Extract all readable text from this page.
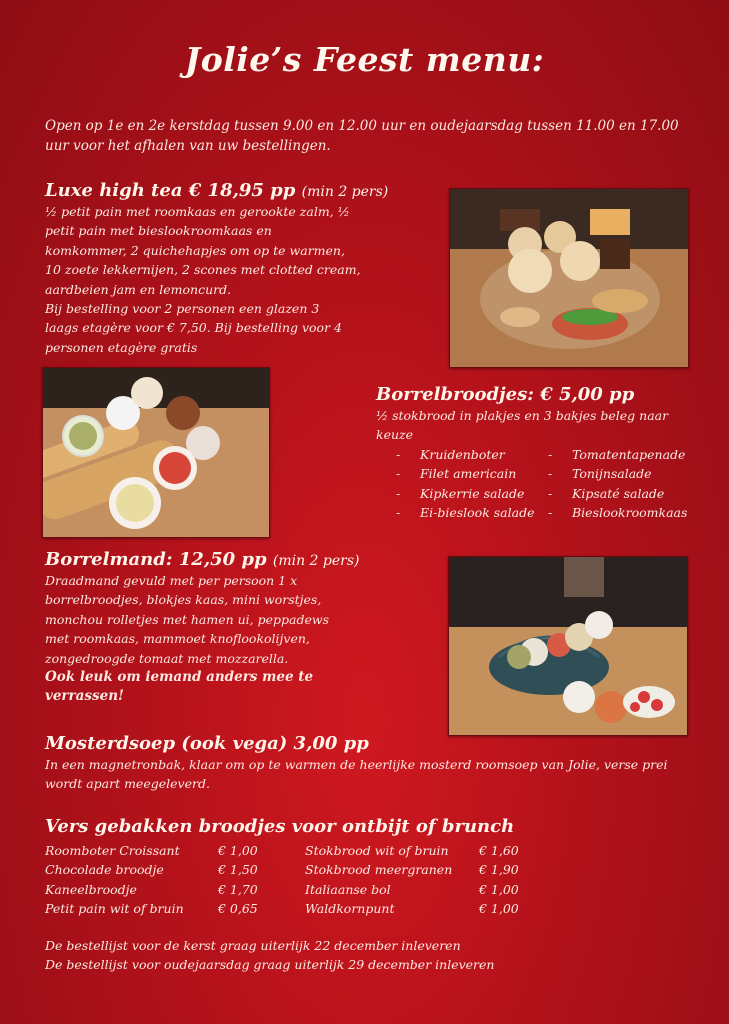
Jolie’s Feest menu:
Open op 1e en 2e kerstdag tussen 9.00 en 12.00 uur en oudejaarsdag tussen 11.00 en 17.00 uur voor het afhalen van uw bestellingen.
Luxe high tea € 18,95 pp (min 2 pers)
½ petit pain met roomkaas en gerookte zalm, ½
petit pain met bieslookroomkaas en
komkommer, 2 quichehapjes om op te warmen,
10 zoete lekkernijen, 2 scones met clotted cream,
aardbeien jam en lemoncurd.
Bij bestelling voor 2 personen een glazen 3
laags etagère voor € 7,50. Bij bestelling voor 4
personen etagère gratis
Borrelbroodjes: € 5,00 pp
½ stokbrood in plakjes en 3 bakjes beleg naar
keuze
- Kruidenboter
- Filet americain
- Kipkerrie salade
- Ei-bieslook salade
- Tomatentapenade
- Tonijnsalade
- Kipsaté salade
- Bieslookroomkaas
Borrelmand: 12,50 pp (min 2 pers)
Draadmand gevuld met per persoon 1 x
borrelbroodjes, blokjes kaas, mini worstjes,
monchou rolletjes met hamen ui, peppadews
met roomkaas, mammoet knoflookolijven,
zongedroogde tomaat met mozzarella.
Ook leuk om iemand anders mee te
verrassen!
Mosterdsoep (ook vega) 3,00 pp
In een magnetronbak, klaar om op te warmen de heerlijke mosterd roomsoep van Jolie, verse prei
wordt apart meegeleverd.
Vers gebakken broodjes voor ontbijt of brunch
Roomboter Croissant	€ 1,00	Stokbrood wit of bruin € 1,60
Chocolade broodje	€ 1,50	Stokbrood meergranen € 1,90
Kaneelbroodje	€ 1,70	Italiaanse bol	€ 1,00
Petit pain wit of bruin	€ 0,65	Waldkornpunt	€ 1,00
De bestellijst voor de kerst graag uiterlijk 22 december inleveren
De bestellijst voor oudejaarsdag graag uiterlijk 29 december inleveren
